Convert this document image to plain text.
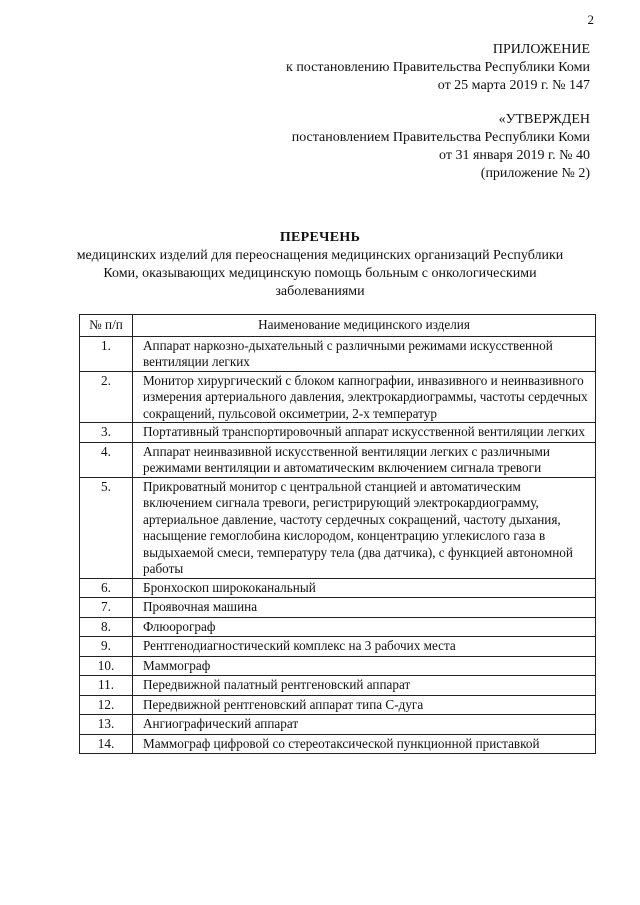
2
ПРИЛОЖЕНИЕ
к постановлению Правительства Республики Коми
от 25 марта 2019 г. № 147
«УТВЕРЖДЕН
постановлением Правительства Республики Коми
от 31 января 2019 г. № 40
(приложение № 2)
ПЕРЕЧЕНЬ
медицинских изделий для переоснащения медицинских организаций Республики Коми, оказывающих медицинскую помощь больным с онкологическими заболеваниями
№ п/п	Наименование медицинского изделия
1.	Аппарат наркозно-дыхательный с различными режимами искусственной вентиляции легких
2.	Монитор хирургический с блоком капнографии, инвазивного и неинвазивного измерения артериального давления, электрокардиограммы, частоты сердечных сокращений, пульсовой оксиметрии, 2-х температур
3.	Портативный транспортировочный аппарат искусственной вентиляции легких
4.	Аппарат неинвазивной искусственной вентиляции легких с различными режимами вентиляции и автоматическим включением сигнала тревоги
5.	Прикроватный монитор с центральной станцией и автоматическим включением сигнала тревоги, регистрирующий электрокардиограмму, артериальное давление, частоту сердечных сокращений, частоту дыхания, насыщение гемоглобина кислородом, концентрацию углекислого газа в выдыхаемой смеси, температуру тела (два датчика), с функцией автономной работы
6.	Бронхоскоп ширококанальный
7.	Проявочная машина
8.	Флюорограф
9.	Рентгенодиагностический комплекс на 3 рабочих места
10.	Маммограф
11.	Передвижной палатный рентгеновский аппарат
12.	Передвижной рентгеновский аппарат типа С-дуга
13.	Ангиографический аппарат
14.	Маммограф цифровой со стереотаксической пункционной приставкой
